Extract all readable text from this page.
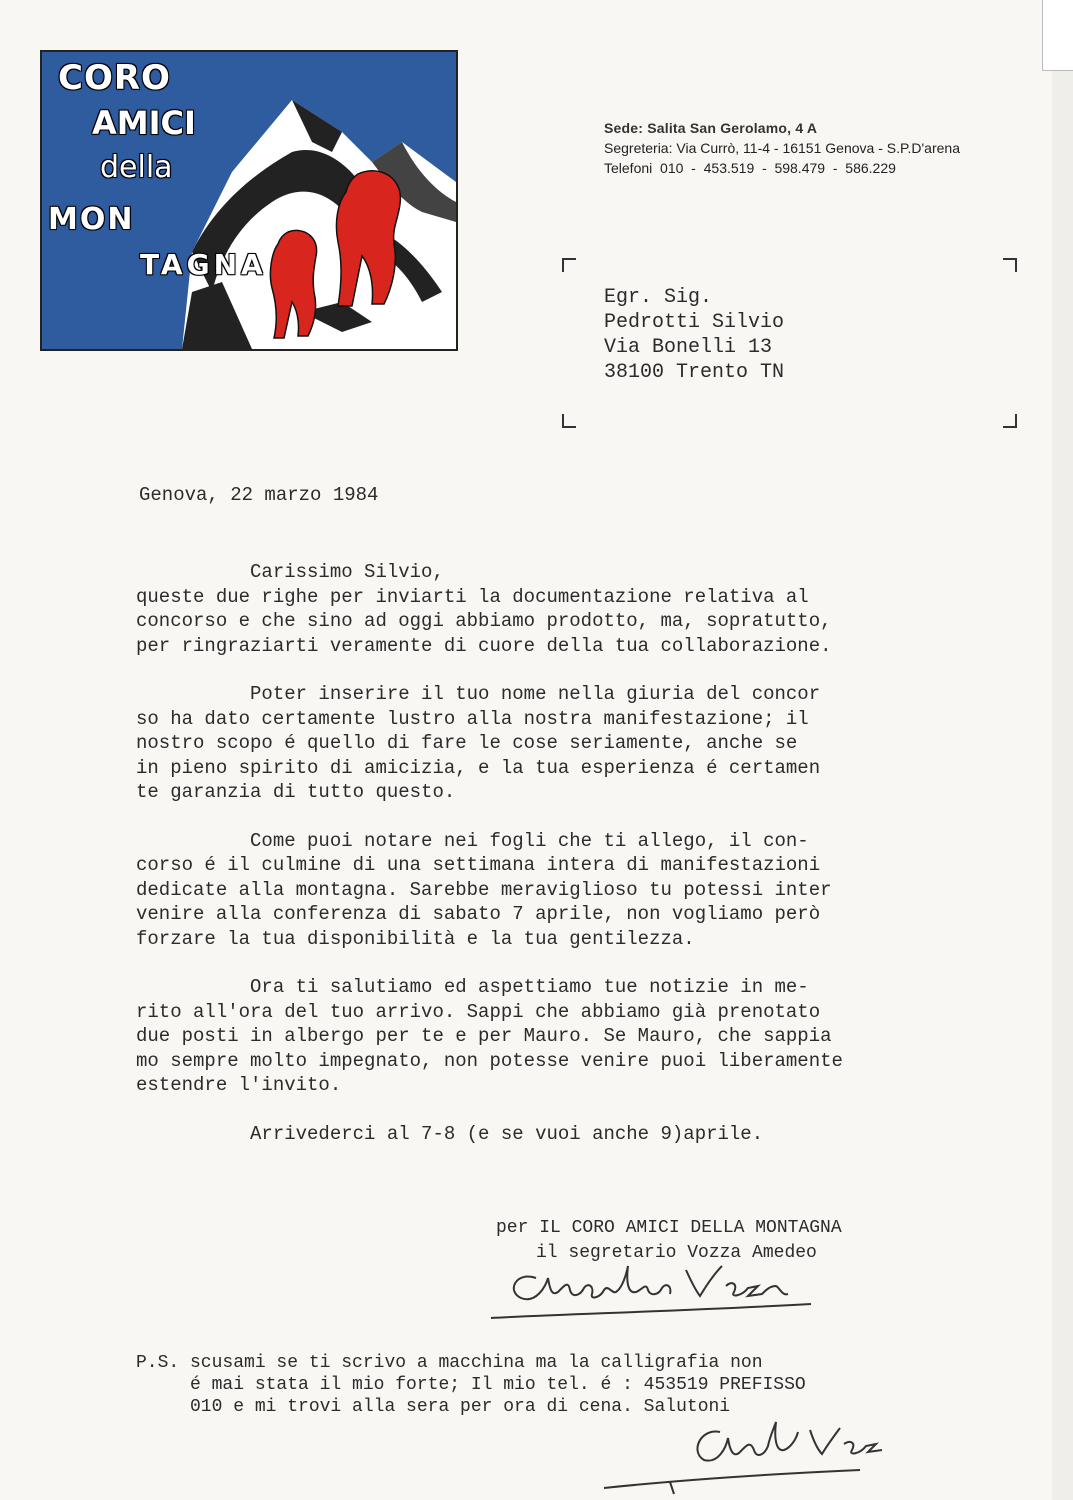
CORO
AMICI
della
MON
TAGNA
Sede: Salita San Gerolamo, 4 A
Segreteria: Via Currò, 11-4 - 16151 Genova - S.P.D'arena
Telefoni 010  -  453.519  -  598.479  -  586.229
Egr. Sig.
Pedrotti Silvio
Via Bonelli 13
38100 Trento TN
Genova, 22 marzo 1984

Carissimo Silvio,
queste due righe per inviarti la documentazione relativa al
concorso e che sino ad oggi abbiamo prodotto, ma, sopratutto,
per ringraziarti veramente di cuore della tua collaborazione.

Poter inserire il tuo nome nella giuria del concor
so ha dato certamente lustro alla nostra manifestazione; il
nostro scopo é quello di fare le cose seriamente, anche se
in pieno spirito di amicizia, e la tua esperienza é certamen
te garanzia di tutto questo.

Come puoi notare nei fogli che ti allego, il con-
corso é il culmine di una settimana intera di manifestazioni
dedicate alla montagna. Sarebbe meraviglioso tu potessi inter
venire alla conferenza di sabato 7 aprile, non vogliamo però
forzare la tua disponibilità e la tua gentilezza.

Ora ti salutiamo ed aspettiamo tue notizie in me-
rito all'ora del tuo arrivo. Sappi che abbiamo già prenotato
due posti in albergo per te e per Mauro. Se Mauro, che sappia
mo sempre molto impegnato, non potesse venire puoi liberamente
estendre l'invito.

Arrivederci al 7-8 (e se vuoi anche 9)aprile.

per IL CORO AMICI DELLA MONTAGNA
il segretario Vozza Amedeo
P.S. scusami se ti scrivo a macchina ma la calligrafia non
é mai stata il mio forte; Il mio tel. é : 453519 PREFISSO
010 e mi trovi alla sera per ora di cena. Salutoni
